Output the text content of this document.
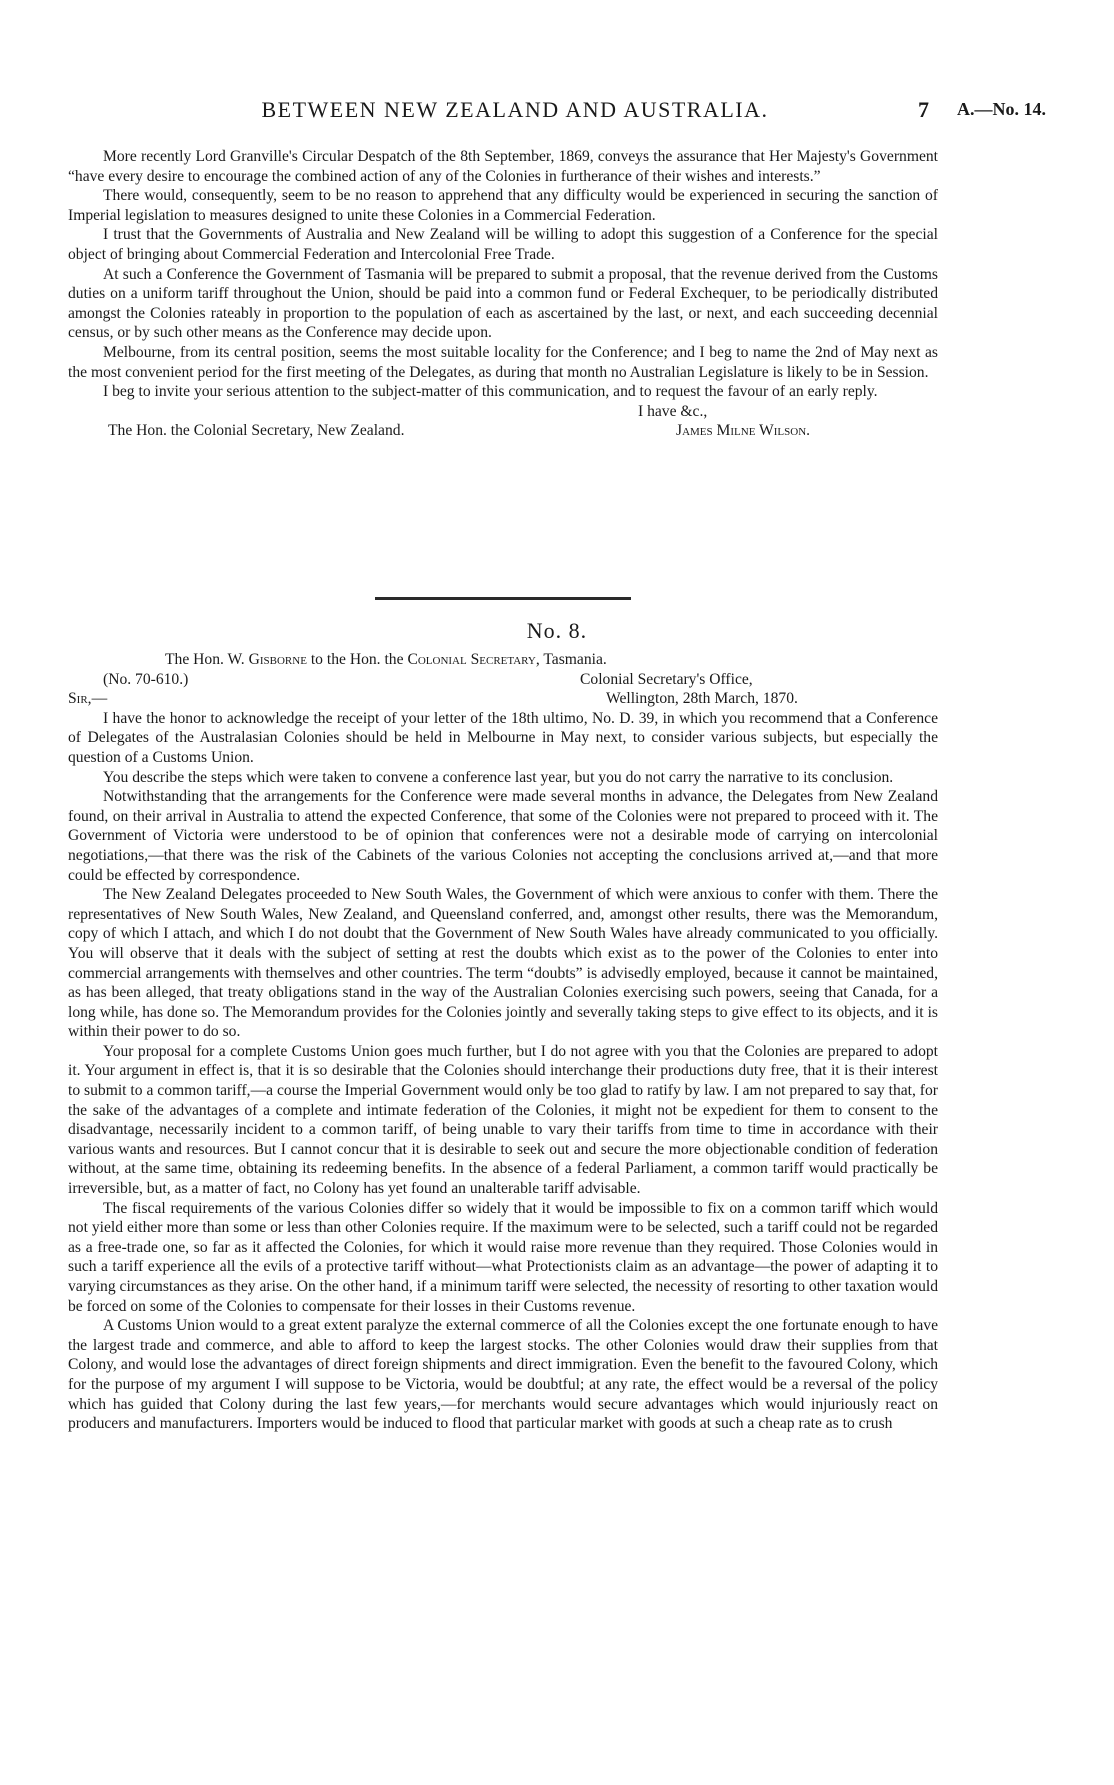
BETWEEN NEW ZEALAND AND AUSTRALIA.	7 A.—No. 14.

More recently Lord Granville's Circular Despatch of the 8th September, 1869, conveys the assurance that Her Majesty's Government “have every desire to encourage the combined action of any of the Colonies in furtherance of their wishes and interests.”

There would, consequently, seem to be no reason to apprehend that any difficulty would be experienced in securing the sanction of Imperial legislation to measures designed to unite these Colonies in a Commercial Federation.

I trust that the Governments of Australia and New Zealand will be willing to adopt this suggestion of a Conference for the special object of bringing about Commercial Federation and Intercolonial Free Trade.

At such a Conference the Government of Tasmania will be prepared to submit a proposal, that the revenue derived from the Customs duties on a uniform tariff throughout the Union, should be paid into a common fund or Federal Exchequer, to be periodically distributed amongst the Colonies rateably in proportion to the population of each as ascertained by the last, or next, and each succeeding decennial census, or by such other means as the Conference may decide upon.

Melbourne, from its central position, seems the most suitable locality for the Conference; and I beg to name the 2nd of May next as the most convenient period for the first meeting of the Delegates, as during that month no Australian Legislature is likely to be in Session.

I beg to invite your serious attention to the subject-matter of this communication, and to request the favour of an early reply.

I have &c.,
The Hon. the Colonial Secretary, New Zealand.	James Milne Wilson.
No. 8.
The Hon. W. Gisborne to the Hon. the Colonial Secretary, Tasmania.
(No. 70-610.)	Colonial Secretary's Office,
Sir,—	Wellington, 28th March, 1870.

I have the honor to acknowledge the receipt of your letter of the 18th ultimo, No. D. 39, in which you recommend that a Conference of Delegates of the Australasian Colonies should be held in Melbourne in May next, to consider various subjects, but especially the question of a Customs Union.

You describe the steps which were taken to convene a conference last year, but you do not carry the narrative to its conclusion.

Notwithstanding that the arrangements for the Conference were made several months in advance, the Delegates from New Zealand found, on their arrival in Australia to attend the expected Conference, that some of the Colonies were not prepared to proceed with it. The Government of Victoria were understood to be of opinion that conferences were not a desirable mode of carrying on intercolonial negotiations,—that there was the risk of the Cabinets of the various Colonies not accepting the conclusions arrived at,—and that more could be effected by correspondence.

The New Zealand Delegates proceeded to New South Wales, the Government of which were anxious to confer with them. There the representatives of New South Wales, New Zealand, and Queensland conferred, and, amongst other results, there was the Memorandum, copy of which I attach, and which I do not doubt that the Government of New South Wales have already communicated to you officially. You will observe that it deals with the subject of setting at rest the doubts which exist as to the power of the Colonies to enter into commercial arrangements with themselves and other countries. The term “doubts” is advisedly employed, because it cannot be maintained, as has been alleged, that treaty obligations stand in the way of the Australian Colonies exercising such powers, seeing that Canada, for a long while, has done so. The Memorandum provides for the Colonies jointly and severally taking steps to give effect to its objects, and it is within their power to do so.

Your proposal for a complete Customs Union goes much further, but I do not agree with you that the Colonies are prepared to adopt it. Your argument in effect is, that it is so desirable that the Colonies should interchange their productions duty free, that it is their interest to submit to a common tariff,—a course the Imperial Government would only be too glad to ratify by law. I am not prepared to say that, for the sake of the advantages of a complete and intimate federation of the Colonies, it might not be expedient for them to consent to the disadvantage, necessarily incident to a common tariff, of being unable to vary their tariffs from time to time in accordance with their various wants and resources. But I cannot concur that it is desirable to seek out and secure the more objectionable condition of federation without, at the same time, obtaining its redeeming benefits. In the absence of a federal Parliament, a common tariff would practically be irreversible, but, as a matter of fact, no Colony has yet found an unalterable tariff advisable.

The fiscal requirements of the various Colonies differ so widely that it would be impossible to fix on a common tariff which would not yield either more than some or less than other Colonies require. If the maximum were to be selected, such a tariff could not be regarded as a free-trade one, so far as it affected the Colonies, for which it would raise more revenue than they required. Those Colonies would in such a tariff experience all the evils of a protective tariff without—what Protectionists claim as an advantage—the power of adapting it to varying circumstances as they arise. On the other hand, if a minimum tariff were selected, the necessity of resorting to other taxation would be forced on some of the Colonies to compensate for their losses in their Customs revenue.

A Customs Union would to a great extent paralyze the external commerce of all the Colonies except the one fortunate enough to have the largest trade and commerce, and able to afford to keep the largest stocks. The other Colonies would draw their supplies from that Colony, and would lose the advantages of direct foreign shipments and direct immigration. Even the benefit to the favoured Colony, which for the purpose of my argument I will suppose to be Victoria, would be doubtful; at any rate, the effect would be a reversal of the policy which has guided that Colony during the last few years,—for merchants would secure advantages which would injuriously react on producers and manufacturers. Importers would be induced to flood that particular market with goods at such a cheap rate as to crush
